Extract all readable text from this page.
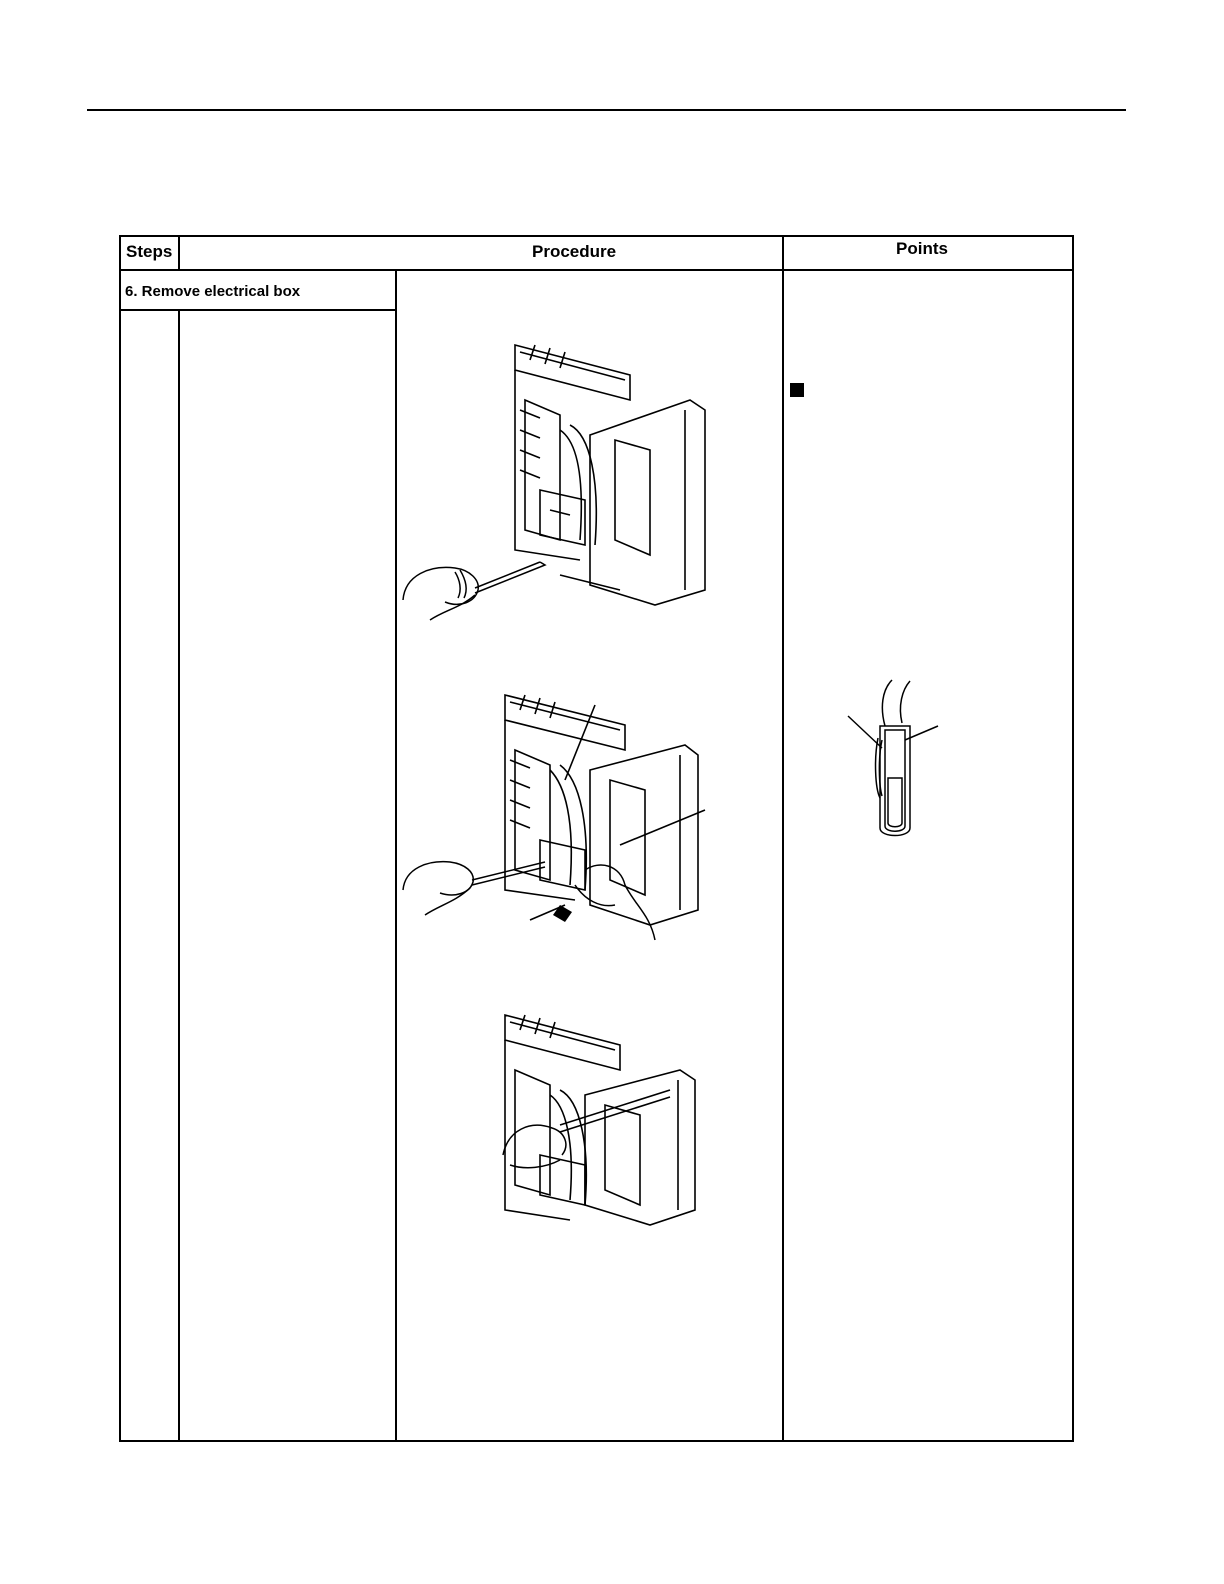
Steps	Procedure	Points
6. Remove electrical box
